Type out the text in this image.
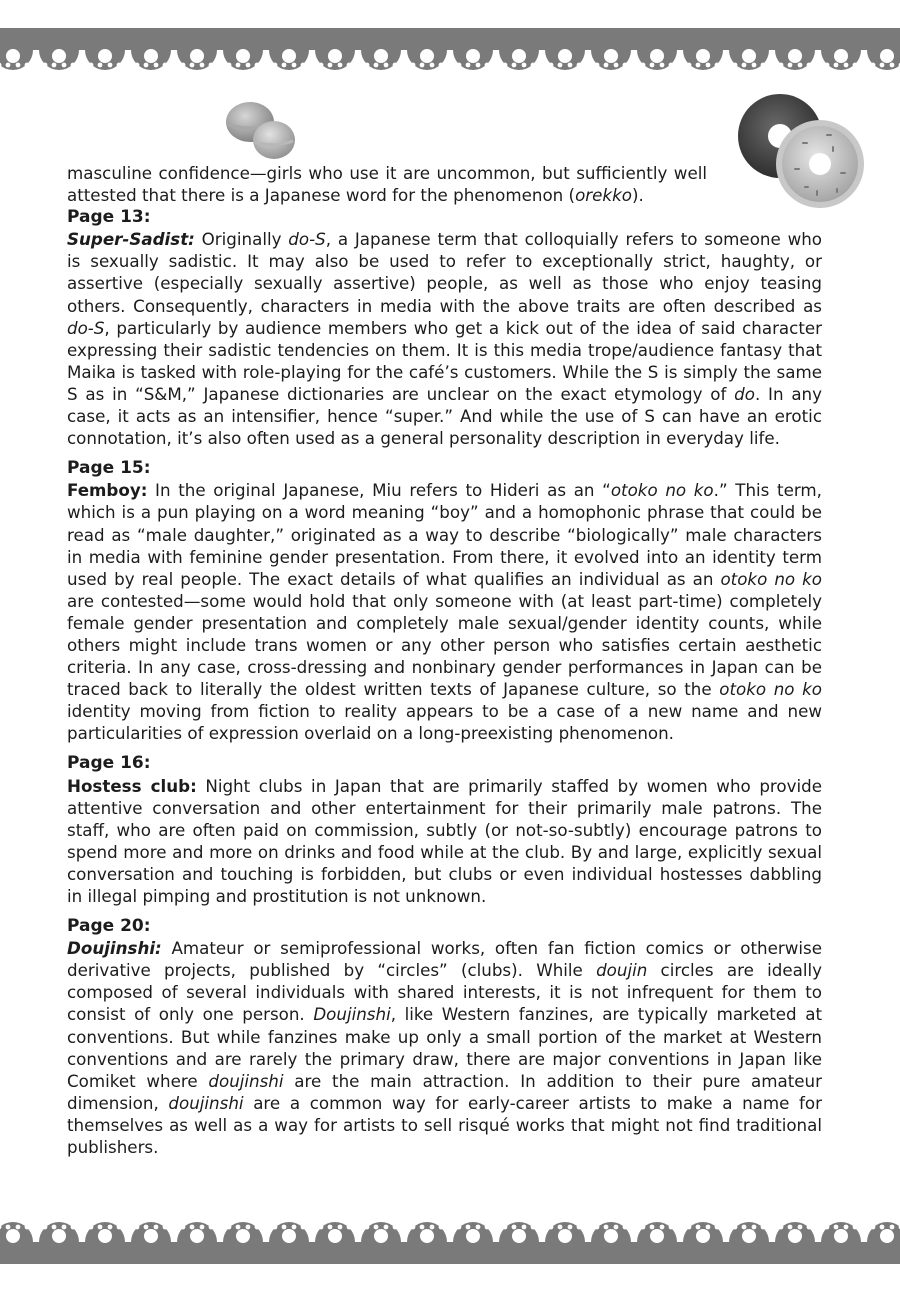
masculine confidence—girls who use it are uncommon, but sufficiently well attested that there is a Japanese word for the phenomenon (orekko).

Page 13:

Super-Sadist: Originally do-S, a Japanese term that colloquially refers to someone who is sexually sadistic. It may also be used to refer to exceptionally strict, haughty, or assertive (especially sexually assertive) people, as well as those who enjoy teasing others. Consequently, characters in media with the above traits are often described as do-S, particularly by audience members who get a kick out of the idea of said character expressing their sadistic tendencies on them. It is this media trope/audience fantasy that Maika is tasked with role-playing for the café’s customers. While the S is simply the same S as in “S&M,” Japanese dictionaries are unclear on the exact etymology of do. In any case, it acts as an intensifier, hence “super.” And while the use of S can have an erotic connotation, it’s also often used as a general personality description in everyday life.

Page 15:

Femboy: In the original Japanese, Miu refers to Hideri as an “otoko no ko.” This term, which is a pun playing on a word meaning “boy” and a homophonic phrase that could be read as “male daughter,” originated as a way to describe “biologically” male characters in media with feminine gender presentation. From there, it evolved into an identity term used by real people. The exact details of what qualifies an individual as an otoko no ko are contested—some would hold that only someone with (at least part-time) completely female gender presentation and completely male sexual/gender identity counts, while others might include trans women or any other person who satisfies certain aesthetic criteria. In any case, cross-dressing and nonbinary gender performances in Japan can be traced back to literally the oldest written texts of Japanese culture, so the otoko no ko identity moving from fiction to reality appears to be a case of a new name and new particularities of expression overlaid on a long-preexisting phenomenon.

Page 16:

Hostess club: Night clubs in Japan that are primarily staffed by women who provide attentive conversation and other entertainment for their primarily male patrons. The staff, who are often paid on commission, subtly (or not-so-subtly) encourage patrons to spend more and more on drinks and food while at the club. By and large, explicitly sexual conversation and touching is forbidden, but clubs or even individual hostesses dabbling in illegal pimping and prostitution is not unknown.

Page 20:

Doujinshi: Amateur or semiprofessional works, often fan fiction comics or otherwise derivative projects, published by “circles” (clubs). While doujin circles are ideally composed of several individuals with shared interests, it is not infrequent for them to consist of only one person. Doujinshi, like Western fanzines, are typically marketed at conventions. But while fanzines make up only a small portion of the market at Western conventions and are rarely the primary draw, there are major conventions in Japan like Comiket where doujinshi are the main attraction. In addition to their pure amateur dimension, doujinshi are a common way for early-career artists to make a name for themselves as well as a way for artists to sell risqué works that might not find traditional publishers.
